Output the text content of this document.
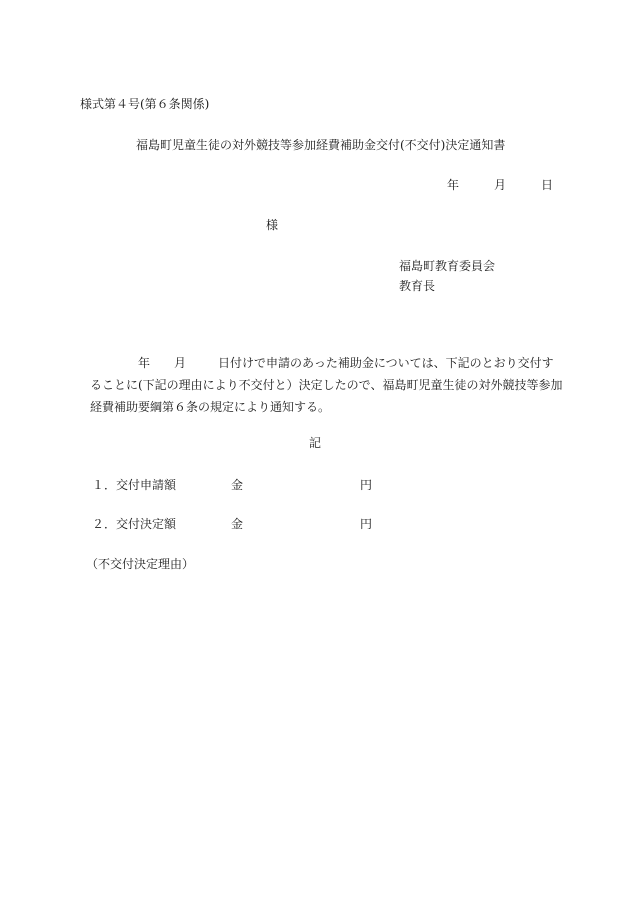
様式第４号(第６条関係)
福島町児童生徒の対外競技等参加経費補助金交付(不交付)決定通知書
年	月	日
様
福島町教育委員会
教育長
年 月	日付けで申請のあった補助金については、下記のとおり交付す
ることに(下記の理由により不交付と）決定したので、福島町児童生徒の対外競技等参加
経費補助要綱第６条の規定により通知する。
記
１．交付申請額	金	円
２．交付決定額	金	円
（不交付決定理由）
